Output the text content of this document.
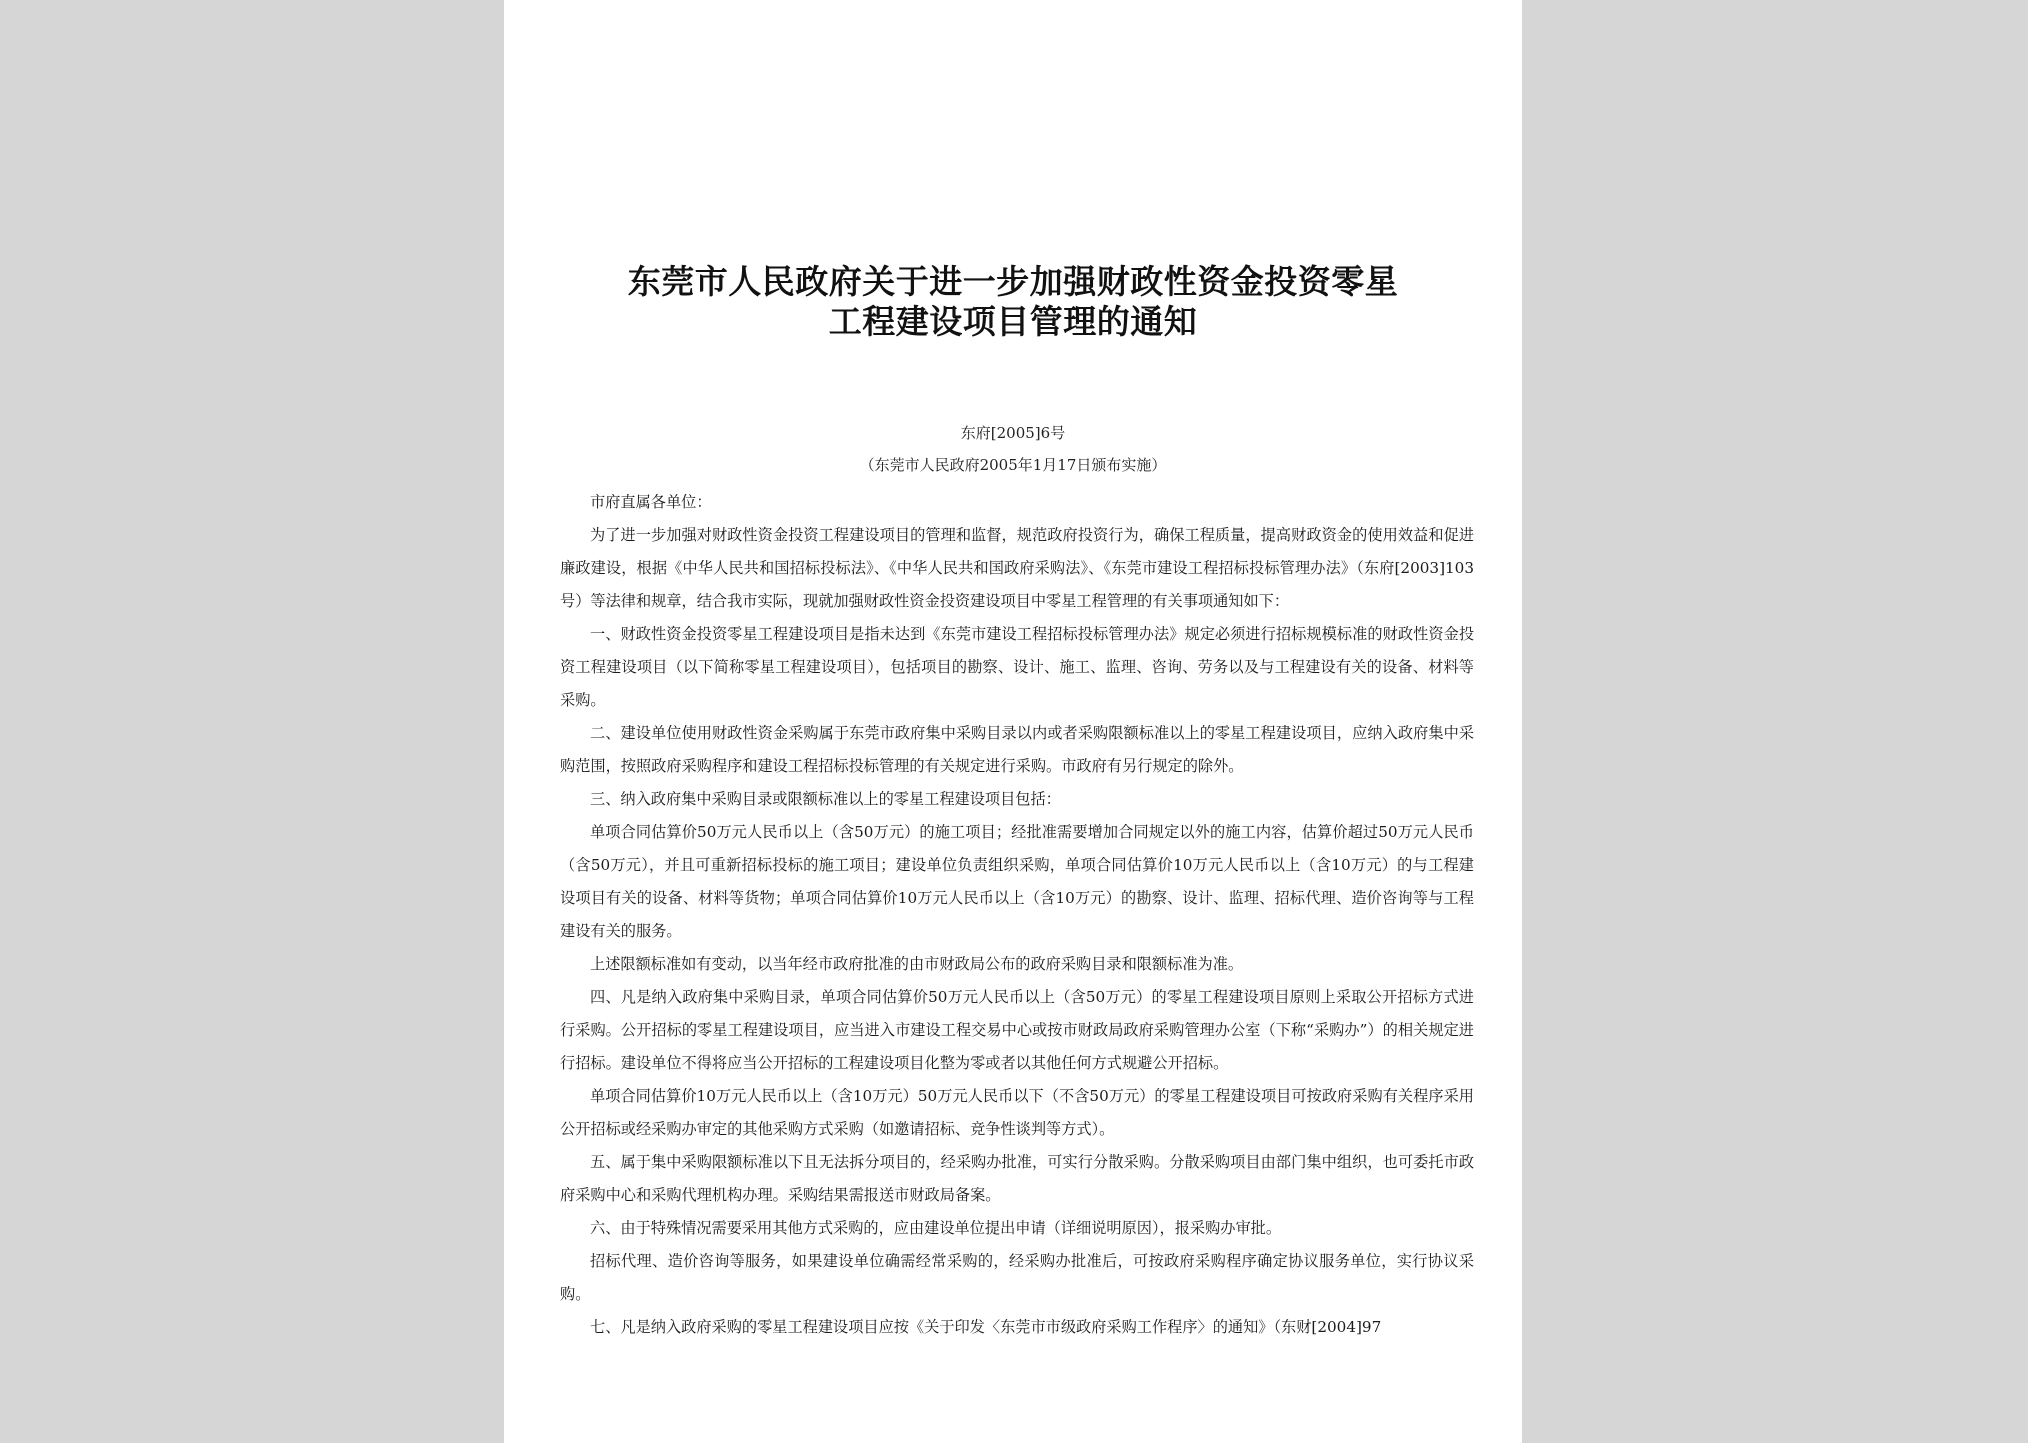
东莞市人民政府关于进一步加强财政性资金投资零星
工程建设项目管理的通知
东府[2005]6号
（东莞市人民政府2005年1月17日颁布实施）

市府直属各单位：

为了进一步加强对财政性资金投资工程建设项目的管理和监督，规范政府投资行为，确保工程质量，提高财政资金的使用效益和促进廉政建设，根据《中华人民共和国招标投标法》、《中华人民共和国政府采购法》、《东莞市建设工程招标投标管理办法》（东府[2003]103号）等法律和规章，结合我市实际，现就加强财政性资金投资建设项目中零星工程管理的有关事项通知如下：

一、财政性资金投资零星工程建设项目是指未达到《东莞市建设工程招标投标管理办法》规定必须进行招标规模标准的财政性资金投资工程建设项目（以下简称零星工程建设项目），包括项目的勘察、设计、施工、监理、咨询、劳务以及与工程建设有关的设备、材料等采购。

二、建设单位使用财政性资金采购属于东莞市政府集中采购目录以内或者采购限额标准以上的零星工程建设项目，应纳入政府集中采购范围，按照政府采购程序和建设工程招标投标管理的有关规定进行采购。市政府有另行规定的除外。

三、纳入政府集中采购目录或限额标准以上的零星工程建设项目包括：

单项合同估算价50万元人民币以上（含50万元）的施工项目；经批准需要增加合同规定以外的施工内容，估算价超过50万元人民币（含50万元），并且可重新招标投标的施工项目；建设单位负责组织采购，单项合同估算价10万元人民币以上（含10万元）的与工程建设项目有关的设备、材料等货物；单项合同估算价10万元人民币以上（含10万元）的勘察、设计、监理、招标代理、造价咨询等与工程建设有关的服务。

上述限额标准如有变动，以当年经市政府批准的由市财政局公布的政府采购目录和限额标准为准。

四、凡是纳入政府集中采购目录，单项合同估算价50万元人民币以上（含50万元）的零星工程建设项目原则上采取公开招标方式进行采购。公开招标的零星工程建设项目，应当进入市建设工程交易中心或按市财政局政府采购管理办公室（下称“采购办”）的相关规定进行招标。建设单位不得将应当公开招标的工程建设项目化整为零或者以其他任何方式规避公开招标。

单项合同估算价10万元人民币以上（含10万元）50万元人民币以下（不含50万元）的零星工程建设项目可按政府采购有关程序采用公开招标或经采购办审定的其他采购方式采购（如邀请招标、竞争性谈判等方式）。

五、属于集中采购限额标准以下且无法拆分项目的，经采购办批准，可实行分散采购。分散采购项目由部门集中组织，也可委托市政府采购中心和采购代理机构办理。采购结果需报送市财政局备案。

六、由于特殊情况需要采用其他方式采购的，应由建设单位提出申请（详细说明原因），报采购办审批。

招标代理、造价咨询等服务，如果建设单位确需经常采购的，经采购办批准后，可按政府采购程序确定协议服务单位，实行协议采购。

七、凡是纳入政府采购的零星工程建设项目应按《关于印发〈东莞市市级政府采购工作程序〉的通知》（东财[2004]97
